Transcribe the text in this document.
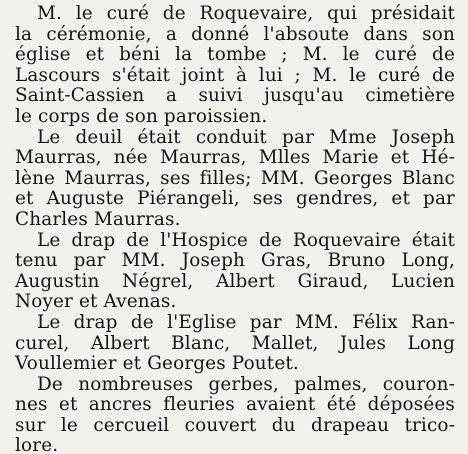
M. le curé de Roquevaire, qui présidait
la cérémonie, a donné l'absoute dans son
église et béni la tombe ; M. le curé de
Lascours s'était joint à lui ; M. le curé de
Saint-Cassien a suivi jusqu'au cimetière
le corps de son paroissien.

Le deuil était conduit par Mme Joseph
Maurras, née Maurras, Mlles Marie et Hé-
lène Maurras, ses filles; MM. Georges Blanc
et Auguste Piérangeli, ses gendres, et par
Charles Maurras.

Le drap de l'Hospice de Roquevaire était
tenu par MM. Joseph Gras, Bruno Long,
Augustin Négrel, Albert Giraud, Lucien
Noyer et Avenas.

Le drap de l'Eglise par MM. Félix Ran-
curel, Albert Blanc, Mallet, Jules Long
Voullemier et Georges Poutet.

De nombreuses gerbes, palmes, couron-
nes et ancres fleuries avaient été déposées
sur le cercueil couvert du drapeau trico-
lore.
